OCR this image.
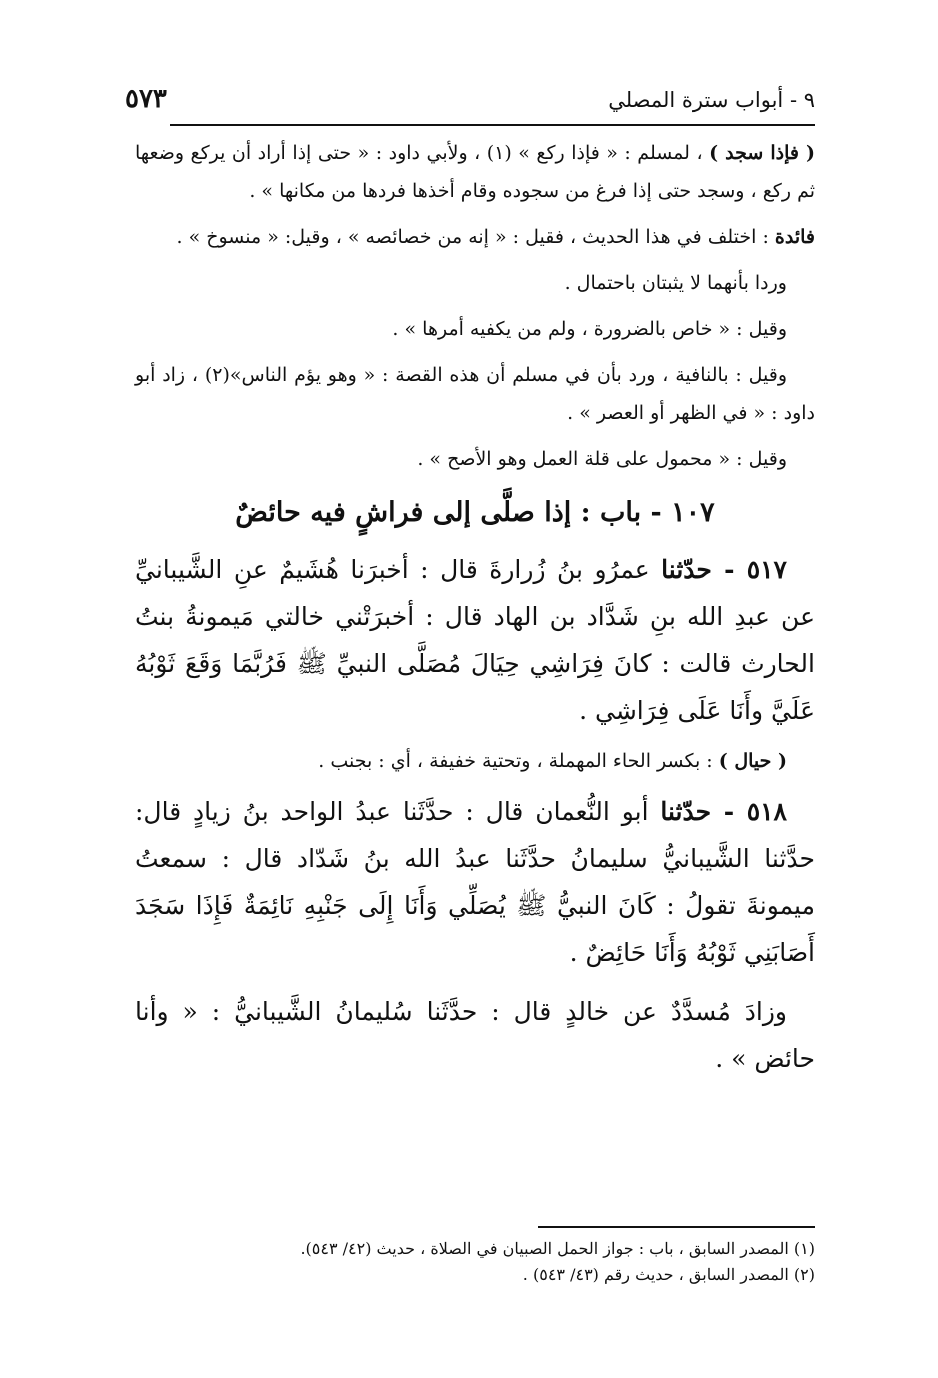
٩ - أبواب سترة المصلي
٥٧٣

( فإذا سجد ) ، لمسلم : « فإذا ركع » (١) ، ولأبي داود : « حتى إذا أراد أن يركع وضعها ثم ركع ، وسجد حتى إذا فرغ من سجوده وقام أخذها فردها من مكانها » .

فائدة : اختلف في هذا الحديث ، فقيل : « إنه من خصائصه » ، وقيل: « منسوخ » .

وردا بأنهما لا يثبتان باحتمال .

وقيل : « خاص بالضرورة ، ولم من يكفيه أمرها » .

وقيل : بالنافية ، ورد بأن في مسلم أن هذه القصة : « وهو يؤم الناس»(٢) ، زاد أبو داود : « في الظهر أو العصر » .

وقيل : « محمول على قلة العمل وهو الأصح » .

١٠٧ - باب : إذا صلَّى إلى فراشٍ فيه حائضٌ

٥١٧ - حدّثنا عمرُو بنُ زُرارةَ قال : أخبرَنا هُشَيمٌ عنِ الشَّيبانيِّ عن عبدِ الله بنِ شَدَّاد بن الهاد قال : أخبرَتْني خالتي مَيمونةُ بنتُ الحارث قالت : كانَ فِرَاشِي حِيَالَ مُصَلَّى النبيِّ ﷺ فَرُبَّمَا وَقَعَ ثَوْبُهُ عَلَيَّ وأَنَا عَلَى فِرَاشِي .

( حيال ) : بكسر الحاء المهملة ، وتحتية خفيفة ، أي : بجنب .

٥١٨ - حدّثنا أبو النُّعمان قال : حدَّثَنا عبدُ الواحد بنُ زيادٍ قال: حدَّثنا الشَّيبانيُّ سليمانُ حدَّثَنا عبدُ الله بنُ شَدّاد قال : سمعتُ ميمونةَ تقولُ : كَانَ النبيُّ ﷺ يُصَلِّي وَأَنَا إِلَى جَنْبِهِ نَائِمَةٌ فَإِذَا سَجَدَ أَصَابَنِي ثَوْبُهُ وَأَنَا حَائِضٌ .

وزادَ مُسدَّدٌ عن خالدٍ قال : حدَّثَنا سُليمانُ الشَّيبانيُّ : « وأنا حائض » .

(١) المصدر السابق ، باب : جواز الحمل الصبيان في الصلاة ، حديث (٤٢/ ٥٤٣).

(٢) المصدر السابق ، حديث رقم (٤٣/ ٥٤٣) .
